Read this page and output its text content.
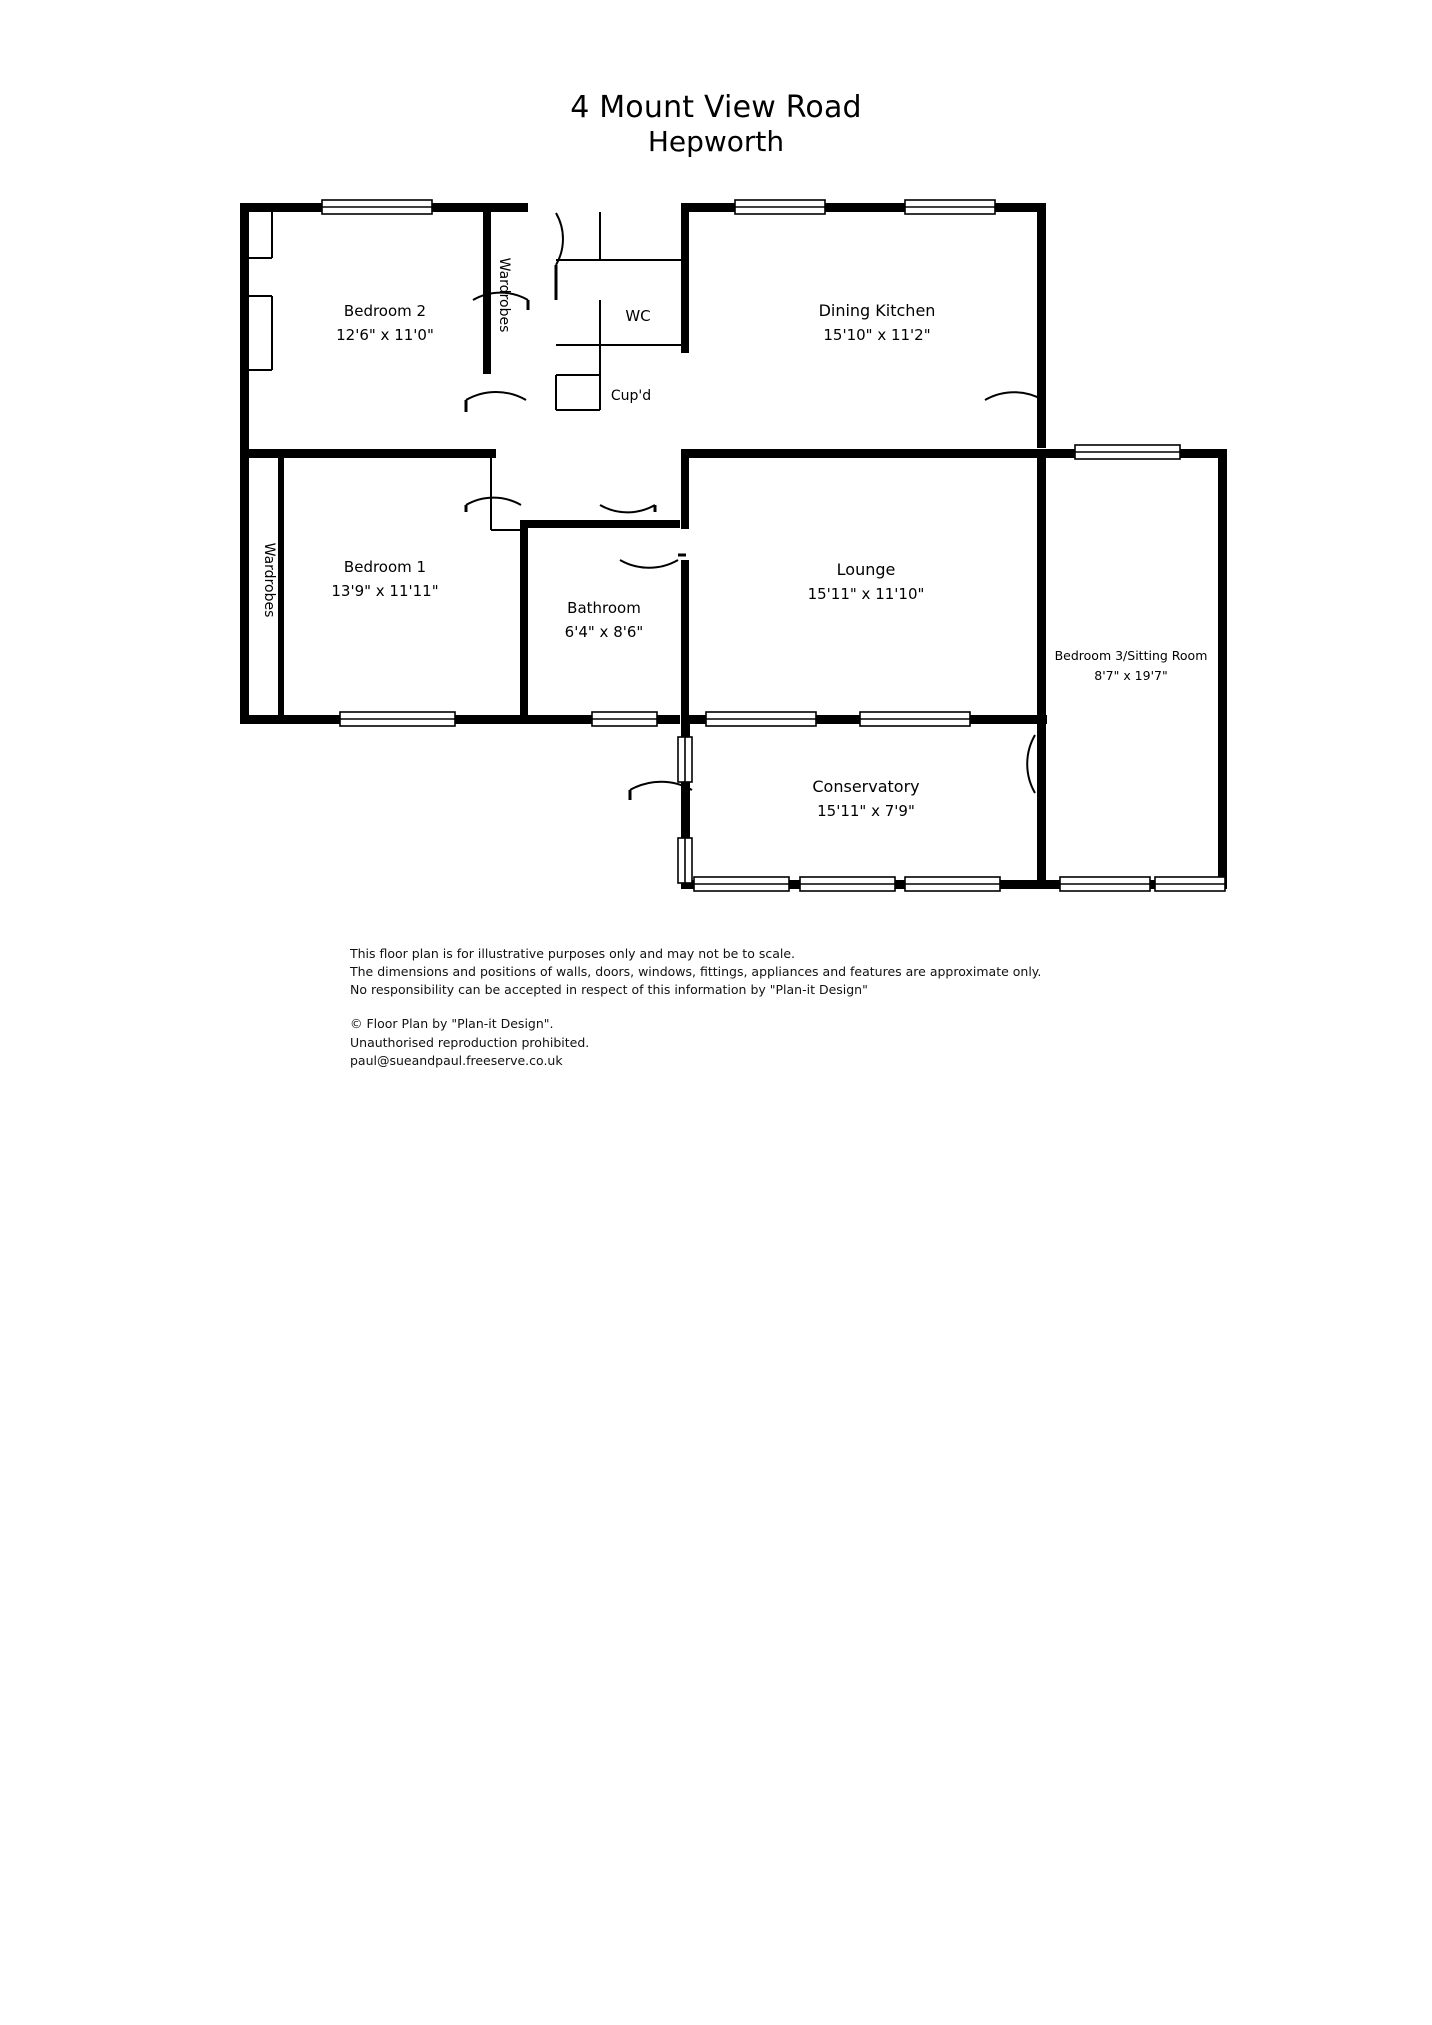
4 Mount View Road
Hepworth
Bedroom 2
12'6" x 11'0"
WC	Dining Kitchen
15'10" x 11'2"
Cup'd
Bedroom 1
13'9" x 11'11"
Bathroom
6'4" x 8'6"
Lounge
15'11" x 11'10"
Bedroom 3/Sitting Room
8'7" x 19'7"
Conservatory
15'11" x 7'9"
Wardrobes
Wardrobes
This floor plan is for illustrative purposes only and may not be to scale.
The dimensions and positions of walls, doors, windows, fittings, appliances and features are approximate only.
No responsibility can be accepted in respect of this information by "Plan-it Design"
© Floor Plan by "Plan-it Design".
Unauthorised reproduction prohibited.
paul@sueandpaul.freeserve.co.uk
